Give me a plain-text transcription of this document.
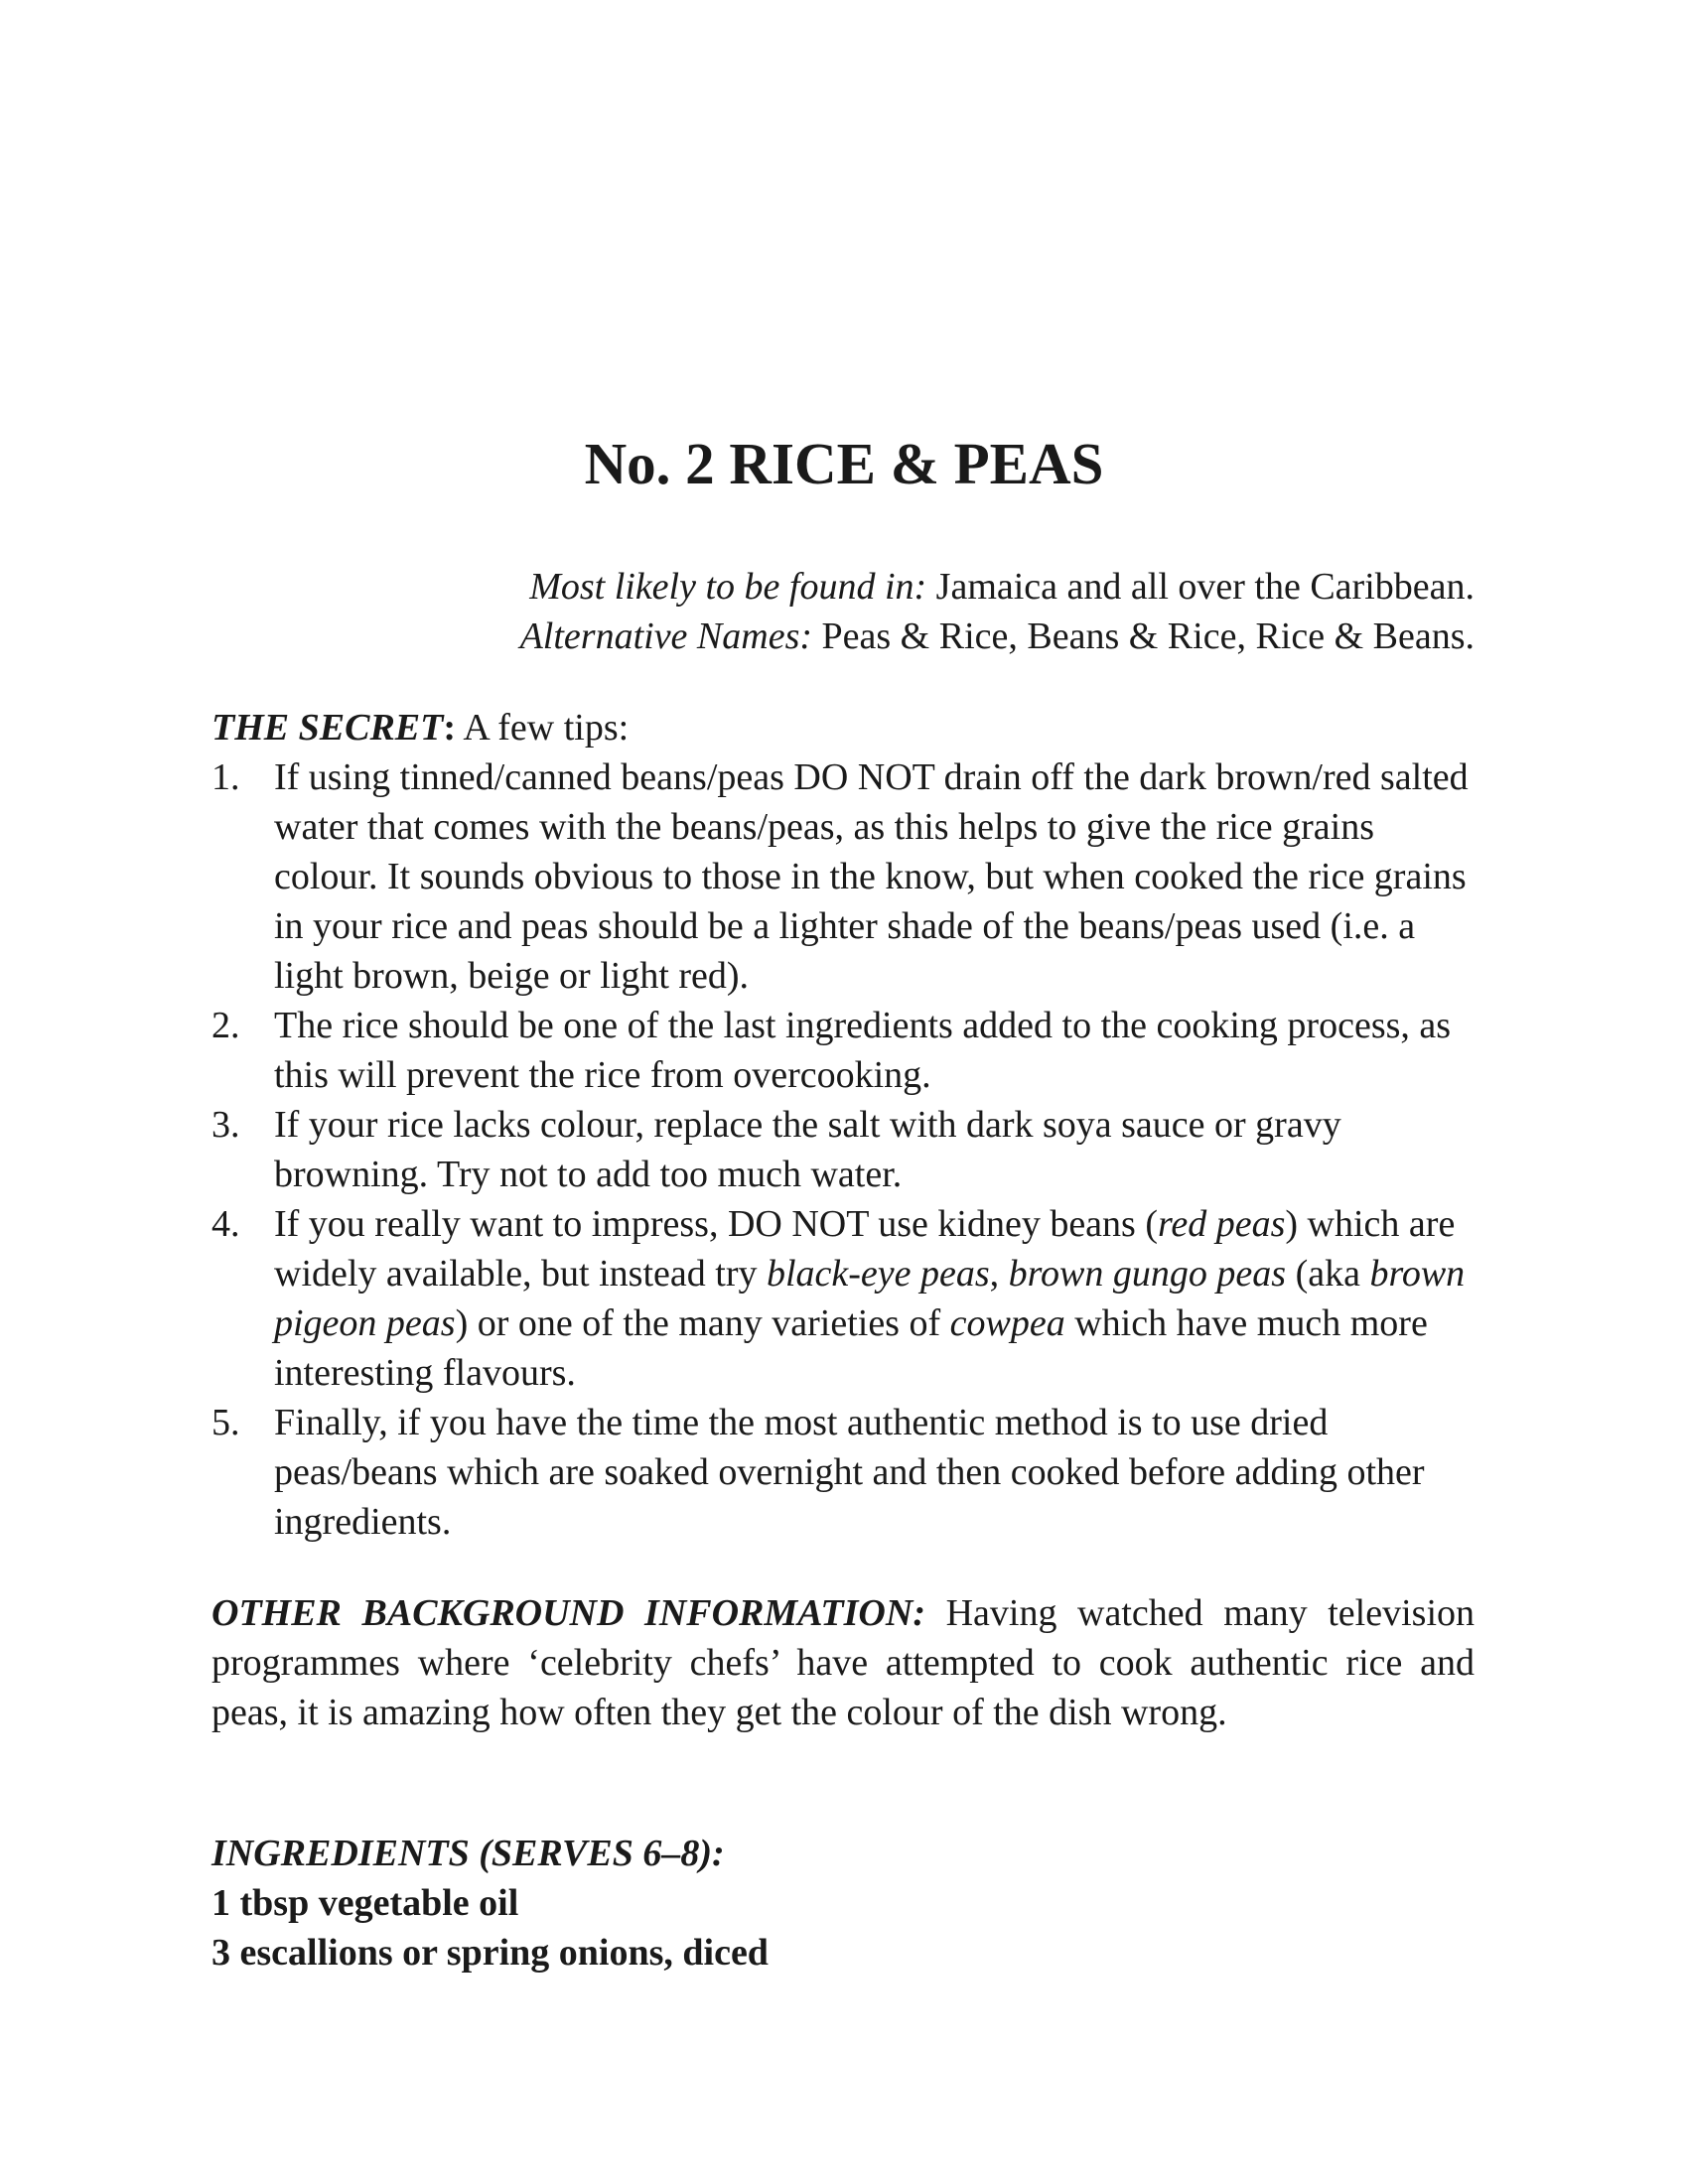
No. 2 RICE & PEAS
Most likely to be found in: Jamaica and all over the Caribbean.
Alternative Names: Peas & Rice, Beans & Rice, Rice & Beans.
THE SECRET: A few tips:
1. If using tinned/canned beans/peas DO NOT drain off the dark brown/red salted water that comes with the beans/peas, as this helps to give the rice grains colour. It sounds obvious to those in the know, but when cooked the rice grains in your rice and peas should be a lighter shade of the beans/peas used (i.e. a light brown, beige or light red).
2. The rice should be one of the last ingredients added to the cooking process, as this will prevent the rice from overcooking.
3. If your rice lacks colour, replace the salt with dark soya sauce or gravy browning. Try not to add too much water.
4. If you really want to impress, DO NOT use kidney beans (red peas) which are widely available, but instead try black-eye peas, brown gungo peas (aka brown pigeon peas) or one of the many varieties of cowpea which have much more interesting flavours.
5. Finally, if you have the time the most authentic method is to use dried peas/beans which are soaked overnight and then cooked before adding other ingredients.
OTHER BACKGROUND INFORMATION: Having watched many television programmes where ‘celebrity chefs’ have attempted to cook authentic rice and peas, it is amazing how often they get the colour of the dish wrong.
INGREDIENTS (SERVES 6–8):
1 tbsp vegetable oil
3 escallions or spring onions, diced
